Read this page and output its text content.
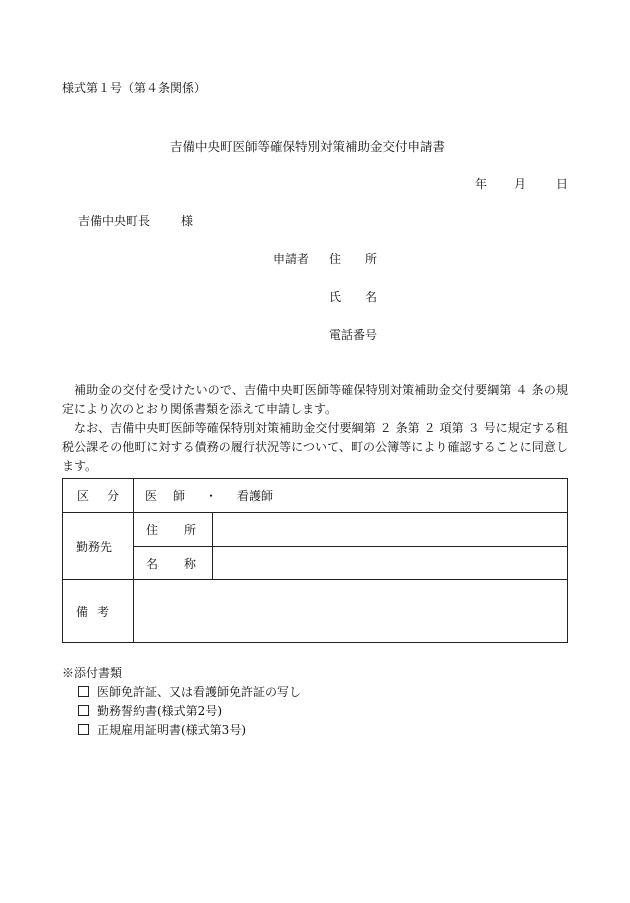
様式第１号（第４条関係）
吉備中央町医師等確保特別対策補助金交付申請書
年 月 日
吉備中央町長	様
申請者 住　　所
氏　　名
電話番号

補助金の交付を受けたいので、吉備中央町医師等確保特別対策補助金交付要綱第 ４ 条の規定により次のとおり関係書類を添えて申請します。

なお、吉備中央町医師等確保特別対策補助金交付要綱第 ２ 条第 ２ 項第 ３ 号に規定する租税公課その他町に対する債務の履行状況等について、町の公簿等により確認することに同意します。

区 分	医 師 ・ 看護師	

勤務先	住 所	

	名 称	

備 考		

※添付書類
医師免許証、又は看護師免許証の写し
勤務誓約書(様式第2号)
正規雇用証明書(様式第3号)
